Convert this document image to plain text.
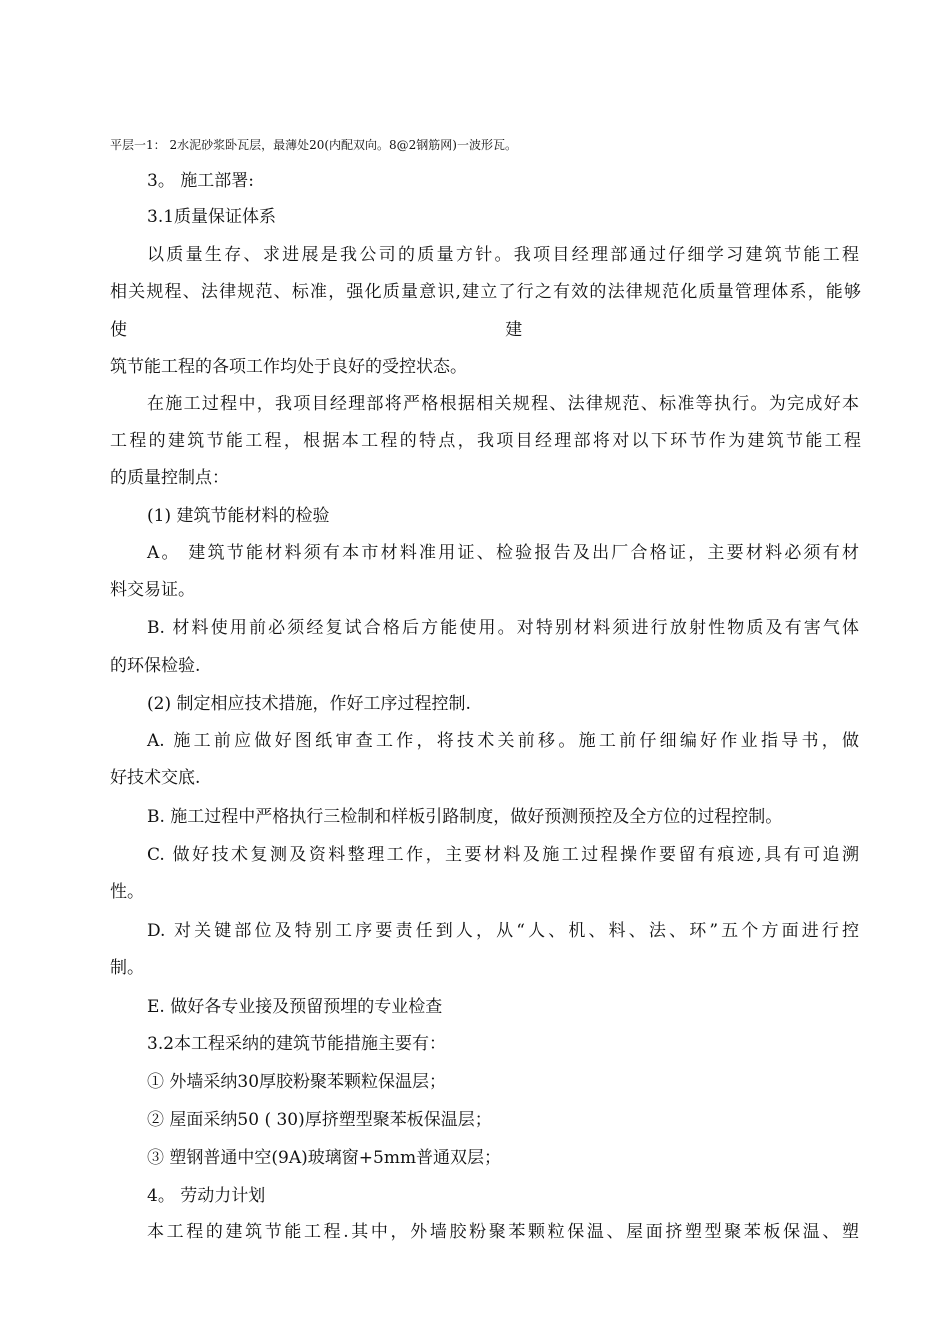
平层一1： 2水泥砂浆卧瓦层，最薄处20(内配双向。8@2钢筋网)一波形瓦。
3。 施工部署:
3.1质量保证体系
以质量生存、求进展是我公司的质量方针。我项目经理部通过仔细学习建筑节能工程
相关规程、法律规范、标准，强化质量意识,建立了行之有效的法律规范化质量管理体系，能够
使                                                                      建
筑节能工程的各项工作均处于良好的受控状态。
在施工过程中，我项目经理部将严格根据相关规程、法律规范、标准等执行。为完成好本
工程的建筑节能工程，根据本工程的特点，我项目经理部将对以下环节作为建筑节能工程
的质量控制点：
(1) 建筑节能材料的检验
A。 建筑节能材料须有本市材料准用证、检验报告及出厂合格证，主要材料必须有材
料交易证。
B. 材料使用前必须经复试合格后方能使用。对特别材料须进行放射性物质及有害气体
的环保检验.
(2) 制定相应技术措施，作好工序过程控制.
A. 施工前应做好图纸审查工作，将技术关前移。施工前仔细编好作业指导书，做
好技术交底.
B. 施工过程中严格执行三检制和样板引路制度，做好预测预控及全方位的过程控制。
C. 做好技术复测及资料整理工作，主要材料及施工过程操作要留有痕迹,具有可追溯
性。
D. 对关键部位及特别工序要责任到人，从“人、机、料、法、环”五个方面进行控
制。
E. 做好各专业接及预留预埋的专业检查
3.2本工程采纳的建筑节能措施主要有：
① 外墙采纳30厚胶粉聚苯颗粒保温层；
② 屋面采纳50 ( 30)厚挤塑型聚苯板保温层；
③ 塑钢普通中空(9A)玻璃窗+5mm普通双层；
4。 劳动力计划
本工程的建筑节能工程.其中，外墙胶粉聚苯颗粒保温、屋面挤塑型聚苯板保温、塑
